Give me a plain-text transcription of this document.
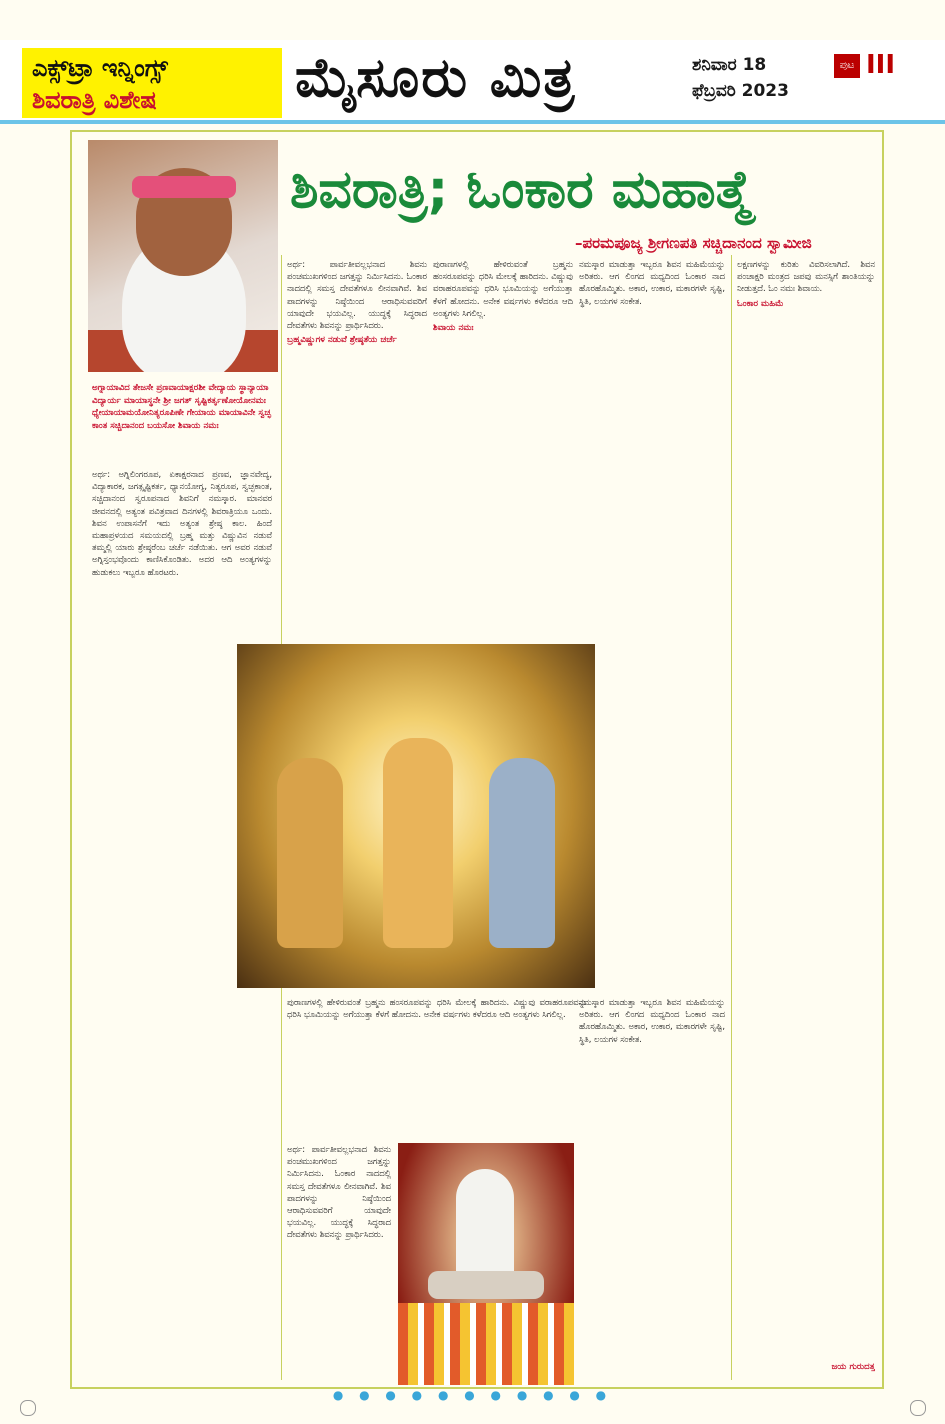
ಎಕ್ಸ್‌ಟ್ರಾ ಇನ್ನಿಂಗ್ಸ್
ಶಿವರಾತ್ರಿ ವಿಶೇಷ	ಮೈಸೂರು ಮಿತ್ರ	ಶನಿವಾರ 18
ಫೆಬ್ರವರಿ 2023
ಪುಟ III
ಶಿವರಾತ್ರಿ; ಓಂಕಾರ ಮಹಾತ್ಮೆ
–ಪರಮಪೂಜ್ಯ ಶ್ರೀಗಣಪತಿ ಸಚ್ಚಿದಾನಂದ ಸ್ವಾಮೀಜಿ
ಅಗ್ನಾಯಾವಿದ ತೇಜಸೇ ಪ್ರಣವಾಯಾಕ್ಷರಶೀ ವೇದ್ಯಾಯ ಸ್ಥಾನ್ಯಾಯಾ ವಿದ್ಯಾರ್ಯ ಮಾಯಾಸ್ಥನೇ ಶ್ರೀ ಜಗತ್ ಸೃಷ್ಟಿಕರ್ತೃಣೋಯೋನಮಃ ಧ್ಯೇಯಾಯಾಮಯೋನಿತ್ಯರೂಪಿಣೇ ಗೇಯಾಯ ಮಾಯಾವಿನೇ ಸ್ವಚ್ಛ ಕಾಂತ ಸಚ್ಚಿದಾನಂದ ಬಯಸೋ ಶಿವಾಯ ನಮಃ

ಅರ್ಥ: ಅಗ್ನಿಲಿಂಗರೂಪ, ಏಕಾಕ್ಷರನಾದ ಪ್ರಣವ, ಜ್ಞಾನವೇದ್ಯ, ವಿದ್ಯಾಕಾರಕ, ಜಗತ್ಸೃಷ್ಟಿಕರ್ತ, ಧ್ಯಾನಯೋಗ್ಯ, ನಿತ್ಯರೂಪ, ಸ್ವಚ್ಛಕಾಂತ, ಸಚ್ಚಿದಾನಂದ ಸ್ವರೂಪನಾದ ಶಿವನಿಗೆ ನಮಸ್ಕಾರ. ಮಾನವರ ಜೀವನದಲ್ಲಿ ಅತ್ಯಂತ ಪವಿತ್ರವಾದ ದಿನಗಳಲ್ಲಿ ಶಿವರಾತ್ರಿಯೂ ಒಂದು. ಶಿವನ ಉಪಾಸನೆಗೆ ಇದು ಅತ್ಯಂತ ಶ್ರೇಷ್ಠ ಕಾಲ. ಹಿಂದೆ ಮಹಾಪ್ರಳಯದ ಸಮಯದಲ್ಲಿ ಬ್ರಹ್ಮ ಮತ್ತು ವಿಷ್ಣುವಿನ ನಡುವೆ ತಮ್ಮಲ್ಲಿ ಯಾರು ಶ್ರೇಷ್ಠರೆಂಬ ಚರ್ಚೆ ನಡೆಯಿತು. ಆಗ ಅವರ ನಡುವೆ ಅಗ್ನಿಸ್ತಂಭವೊಂದು ಕಾಣಿಸಿಕೊಂಡಿತು. ಅದರ ಆದಿ ಅಂತ್ಯಗಳನ್ನು ಹುಡುಕಲು ಇಬ್ಬರೂ ಹೊರಟರು.

ಅರ್ಥ: ಪಾರ್ವತೀವಲ್ಲಭನಾದ ಶಿವನು ಪಂಚಮುಖಗಳಿಂದ ಜಗತ್ತನ್ನು ನಿರ್ಮಿಸಿದನು. ಓಂಕಾರ ನಾದದಲ್ಲಿ ಸಮಸ್ತ ದೇವತೆಗಳೂ ಲೀನವಾಗಿವೆ. ಶಿವ ಪಾದಗಳನ್ನು ನಿಷ್ಠೆಯಿಂದ ಆರಾಧಿಸುವವರಿಗೆ ಯಾವುದೇ ಭಯವಿಲ್ಲ. ಯುದ್ಧಕ್ಕೆ ಸಿದ್ಧರಾದ ದೇವತೆಗಳು ಶಿವನನ್ನು ಪ್ರಾರ್ಥಿಸಿದರು.

ಬ್ರಹ್ಮವಿಷ್ಣುಗಳ ನಡುವೆ ಶ್ರೇಷ್ಠತೆಯ ಚರ್ಚೆ

ಪುರಾಣಗಳಲ್ಲಿ ಹೇಳಿರುವಂತೆ ಬ್ರಹ್ಮನು ಹಂಸರೂಪವನ್ನು ಧರಿಸಿ ಮೇಲಕ್ಕೆ ಹಾರಿದನು. ವಿಷ್ಣುವು ವರಾಹರೂಪವನ್ನು ಧರಿಸಿ ಭೂಮಿಯನ್ನು ಅಗೆಯುತ್ತಾ ಕೆಳಗೆ ಹೋದನು. ಅನೇಕ ವರ್ಷಗಳು ಕಳೆದರೂ ಆದಿ ಅಂತ್ಯಗಳು ಸಿಗಲಿಲ್ಲ.

ಶಿವಾಯ ನಮಃ

ನಮಸ್ಕಾರ ಮಾಡುತ್ತಾ ಇಬ್ಬರೂ ಶಿವನ ಮಹಿಮೆಯನ್ನು ಅರಿತರು. ಆಗ ಲಿಂಗದ ಮಧ್ಯದಿಂದ ಓಂಕಾರ ನಾದ ಹೊರಹೊಮ್ಮಿತು. ಅಕಾರ, ಉಕಾರ, ಮಕಾರಗಳೇ ಸೃಷ್ಟಿ, ಸ್ಥಿತಿ, ಲಯಗಳ ಸಂಕೇತ.

ಲಕ್ಷಣಗಳನ್ನು ಕುರಿತು ವಿವರಿಸಲಾಗಿದೆ. ಶಿವನ ಪಂಚಾಕ್ಷರಿ ಮಂತ್ರದ ಜಪವು ಮನಸ್ಸಿಗೆ ಶಾಂತಿಯನ್ನು ನೀಡುತ್ತದೆ. ಓಂ ನಮಃ ಶಿವಾಯ.

ಓಂಕಾರ ಮಹಿಮೆ

ಪುರಾಣಗಳಲ್ಲಿ ಹೇಳಿರುವಂತೆ ಬ್ರಹ್ಮನು ಹಂಸರೂಪವನ್ನು ಧರಿಸಿ ಮೇಲಕ್ಕೆ ಹಾರಿದನು. ವಿಷ್ಣುವು ವರಾಹರೂಪವನ್ನು ಧರಿಸಿ ಭೂಮಿಯನ್ನು ಅಗೆಯುತ್ತಾ ಕೆಳಗೆ ಹೋದನು. ಅನೇಕ ವರ್ಷಗಳು ಕಳೆದರೂ ಆದಿ ಅಂತ್ಯಗಳು ಸಿಗಲಿಲ್ಲ.

ನಮಸ್ಕಾರ ಮಾಡುತ್ತಾ ಇಬ್ಬರೂ ಶಿವನ ಮಹಿಮೆಯನ್ನು ಅರಿತರು. ಆಗ ಲಿಂಗದ ಮಧ್ಯದಿಂದ ಓಂಕಾರ ನಾದ ಹೊರಹೊಮ್ಮಿತು. ಅಕಾರ, ಉಕಾರ, ಮಕಾರಗಳೇ ಸೃಷ್ಟಿ, ಸ್ಥಿತಿ, ಲಯಗಳ ಸಂಕೇತ.

ಅರ್ಥ: ಪಾರ್ವತೀವಲ್ಲಭನಾದ ಶಿವನು ಪಂಚಮುಖಗಳಿಂದ ಜಗತ್ತನ್ನು ನಿರ್ಮಿಸಿದನು. ಓಂಕಾರ ನಾದದಲ್ಲಿ ಸಮಸ್ತ ದೇವತೆಗಳೂ ಲೀನವಾಗಿವೆ. ಶಿವ ಪಾದಗಳನ್ನು ನಿಷ್ಠೆಯಿಂದ ಆರಾಧಿಸುವವರಿಗೆ ಯಾವುದೇ ಭಯವಿಲ್ಲ. ಯುದ್ಧಕ್ಕೆ ಸಿದ್ಧರಾದ ದೇವತೆಗಳು ಶಿವನನ್ನು ಪ್ರಾರ್ಥಿಸಿದರು.

ಜಯ ಗುರುದತ್ತ
● ● ● ● ● ● ● ● ● ● ●
